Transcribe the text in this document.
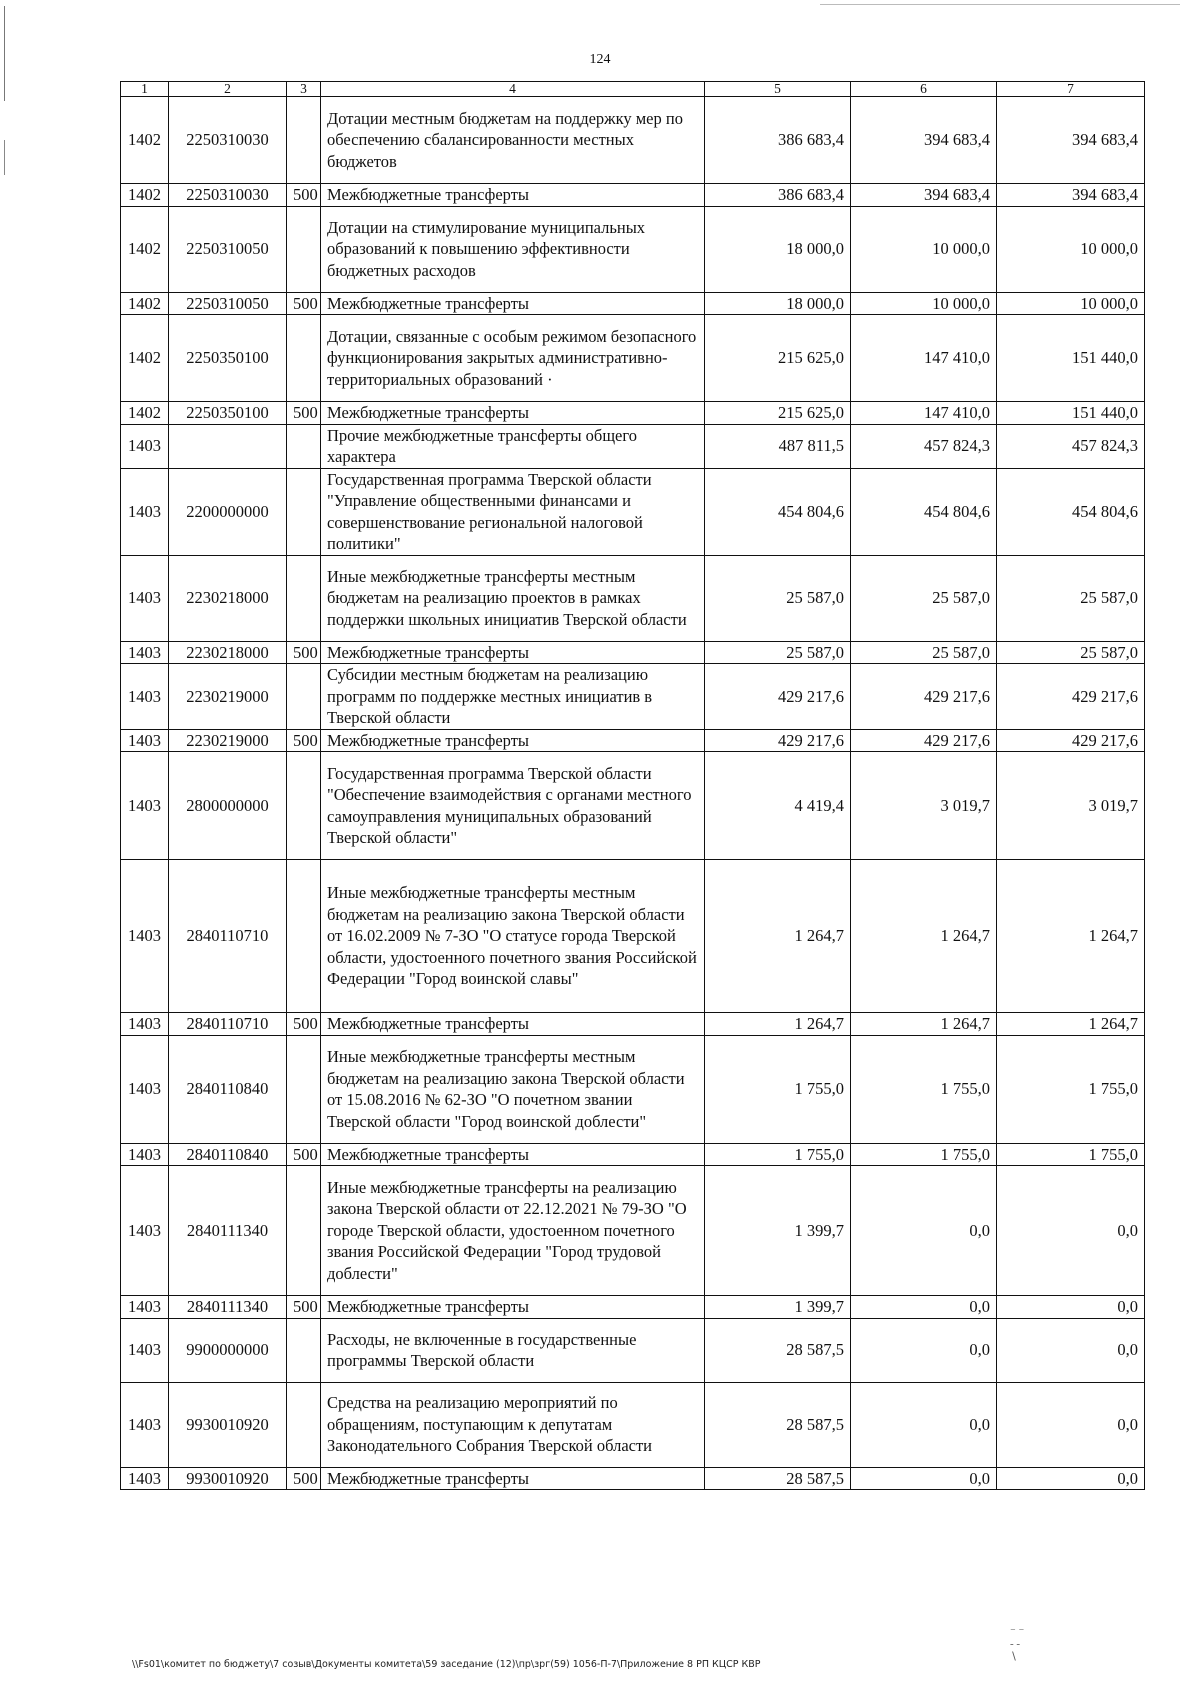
124
1	2	3	4	5	6	7
1402	2250310030		Дотации местным бюджетам на поддержку мер по обеспечению сбалансированности местных бюджетов	386 683,4	394 683,4	394 683,4
1402	2250310030	500	Межбюджетные трансферты	386 683,4	394 683,4	394 683,4
1402	2250310050		Дотации на стимулирование муниципальных образований к повышению эффективности бюджетных расходов	18 000,0	10 000,0	10 000,0
1402	2250310050	500	Межбюджетные трансферты	18 000,0	10 000,0	10 000,0
1402	2250350100		Дотации, связанные с особым режимом безопасного функционирования закрытых административно-территориальных образований ·	215 625,0	147 410,0	151 440,0
1402	2250350100	500	Межбюджетные трансферты	215 625,0	147 410,0	151 440,0
1403			Прочие межбюджетные трансферты общего характера	487 811,5	457 824,3	457 824,3
1403	2200000000		Государственная программа Тверской области "Управление общественными финансами и совершенствование региональной налоговой политики"	454 804,6	454 804,6	454 804,6
1403	2230218000		Иные межбюджетные трансферты местным бюджетам на реализацию проектов в рамках поддержки школьных инициатив Тверской области	25 587,0	25 587,0	25 587,0
1403	2230218000	500	Межбюджетные трансферты	25 587,0	25 587,0	25 587,0
1403	2230219000		Субсидии местным бюджетам на реализацию программ по поддержке местных инициатив в Тверской области	429 217,6	429 217,6	429 217,6
1403	2230219000	500	Межбюджетные трансферты	429 217,6	429 217,6	429 217,6
1403	2800000000		Государственная программа Тверской области "Обеспечение взаимодействия с органами местного самоуправления муниципальных образований Тверской области"	4 419,4	3 019,7	3 019,7
1403	2840110710		Иные межбюджетные трансферты местным бюджетам на реализацию закона Тверской области от 16.02.2009 № 7-ЗО "О статусе города Тверской области, удостоенного почетного звания Российской Федерации "Город воинской славы"	1 264,7	1 264,7	1 264,7
1403	2840110710	500	Межбюджетные трансферты	1 264,7	1 264,7	1 264,7
1403	2840110840		Иные межбюджетные трансферты местным бюджетам на реализацию закона Тверской области от 15.08.2016 № 62-ЗО "О почетном звании Тверской области "Город воинской доблести"	1 755,0	1 755,0	1 755,0
1403	2840110840	500	Межбюджетные трансферты	1 755,0	1 755,0	1 755,0
1403	2840111340		Иные межбюджетные трансферты на реализацию закона Тверской области от 22.12.2021 № 79-ЗО "О городе Тверской области, удостоенном почетного звания Российской Федерации "Город трудовой доблести"	1 399,7	0,0	0,0
1403	2840111340	500	Межбюджетные трансферты	1 399,7	0,0	0,0
1403	9900000000		Расходы, не включенные в государственные программы Тверской области	28 587,5	0,0	0,0
1403	9930010920		Средства на реализацию мероприятий по обращениям, поступающим к депутатам Законодательного Собрания Тверской области	28 587,5	0,0	0,0
1403	9930010920	500	Межбюджетные трансферты	28 587,5	0,0	0,0
⁻ ⁻
‐ ‐
∖
\\Fs01\комитет по бюджету\7 созыв\Документы комитета\59 заседание (12)\пр\зрг(59) 1056-П-7\Приложение 8 РП КЦСР КВР
